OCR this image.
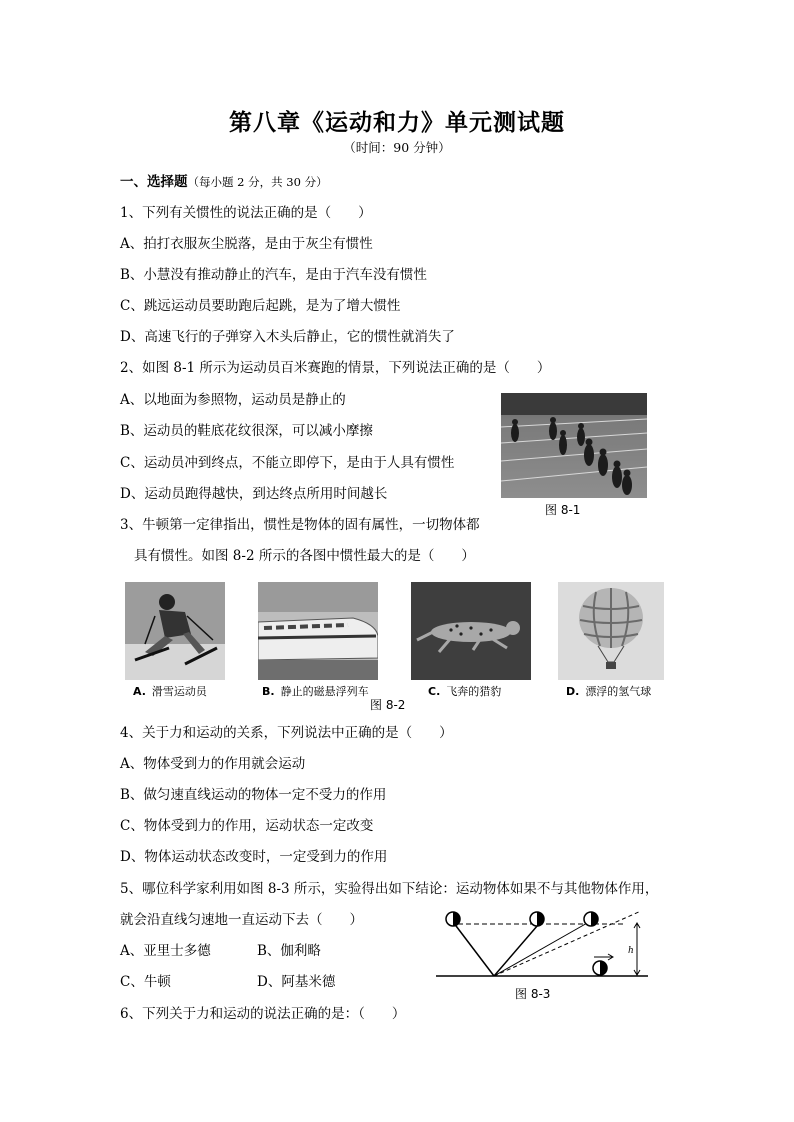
第八章《运动和力》单元测试题
（时间：90 分钟）
一、选择题（每小题 2 分，共 30 分）
1、下列有关惯性的说法正确的是（　　）
A、拍打衣服灰尘脱落，是由于灰尘有惯性
B、小慧没有推动静止的汽车，是由于汽车没有惯性
C、跳远运动员要助跑后起跳，是为了增大惯性
D、高速飞行的子弹穿入木头后静止，它的惯性就消失了
2、如图 8-1 所示为运动员百米赛跑的情景，下列说法正确的是（　　）
A、以地面为参照物，运动员是静止的
B、运动员的鞋底花纹很深，可以减小摩擦
C、运动员冲到终点，不能立即停下，是由于人具有惯性
D、运动员跑得越快，到达终点所用时间越长
图 8-1
3、牛顿第一定律指出，惯性是物体的固有属性，一切物体都
具有惯性。如图 8-2 所示的各图中惯性最大的是（　　）
A. 滑雪运动员	B. 静止的磁悬浮列车	C. 飞奔的猎豹	D. 漂浮的氢气球
图 8-2
4、关于力和运动的关系，下列说法中正确的是（　　）
A、物体受到力的作用就会运动
B、做匀速直线运动的物体一定不受力的作用
C、物体受到力的作用，运动状态一定改变
D、物体运动状态改变时，一定受到力的作用
5、哪位科学家利用如图 8-3 所示，实验得出如下结论：运动物体如果不与其他物体作用，
就会沿直线匀速地一直运动下去（　　）
A、亚里士多德	B、伽利略
C、牛顿	D、阿基米德
h
图 8-3
6、下列关于力和运动的说法正确的是：（　　）
